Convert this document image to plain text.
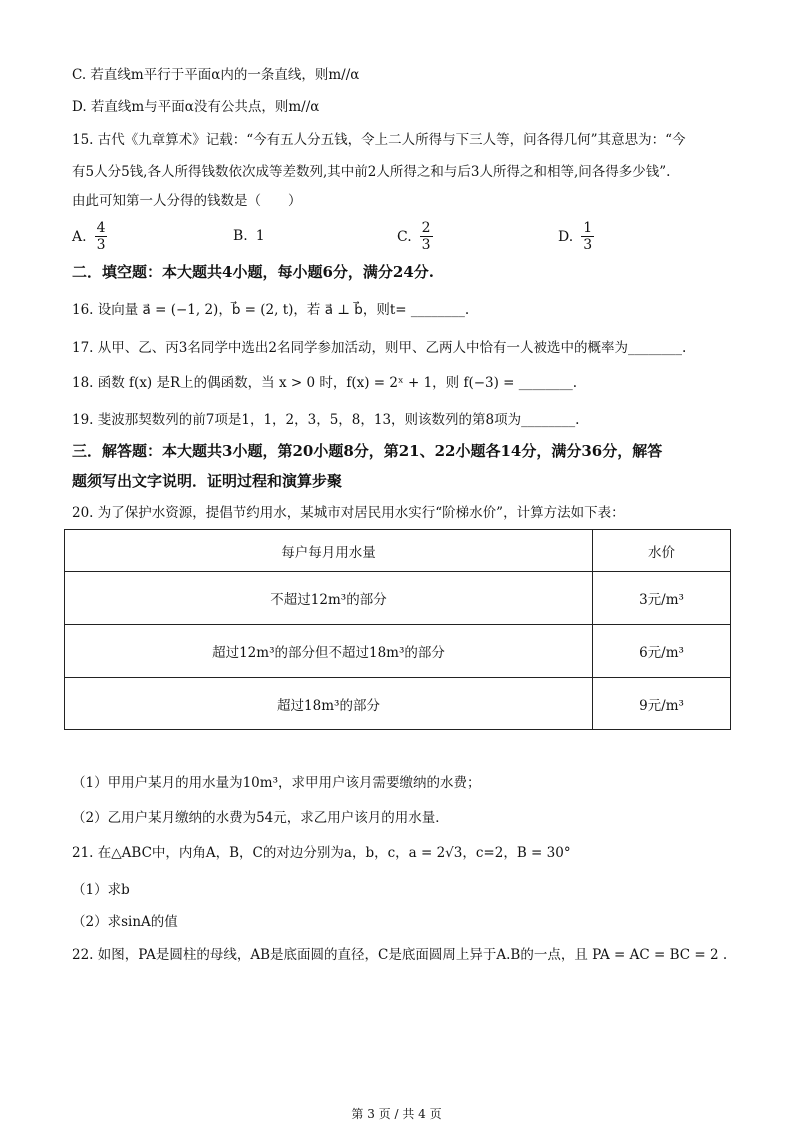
C. 若直线m平行于平面α内的一条直线，则m//α
D. 若直线m与平面α没有公共点，则m//α
15. 古代《九章算术》记载：“今有五人分五钱，令上二人所得与下三人等，问各得几何”其意思为：“今
有5人分5钱,各人所得钱数依次成等差数列,其中前2人所得之和与后3人所得之和相等,问各得多少钱”.
由此可知第一人分得的钱数是（　　）
A. $\frac{4}{3}$	B. 1	C. $\frac{2}{3}$	D. $\frac{1}{3}$
二．填空题：本大题共4小题，每小题6分，满分24分.
16. 设向量 a⃗ = (−1, 2)，b⃗ = (2, t)，若 a⃗ ⊥ b⃗，则t= ________.
17. 从甲、乙、丙3名同学中选出2名同学参加活动，则甲、乙两人中恰有一人被选中的概率为________.
18. 函数 f(x) 是R上的偶函数，当 x > 0 时，f(x) = 2ˣ + 1，则 f(−3) = ________.
19. 斐波那契数列的前7项是1，1，2，3，5，8，13，则该数列的第8项为________.
三．解答题：本大题共3小题，第20小题8分，第21、22小题各14分，满分36分，解答
题须写出文字说明．证明过程和演算步聚
20. 为了保护水资源，提倡节约用水，某城市对居民用水实行“阶梯水价”，计算方法如下表：
每户每月用水量	水价
不超过12m³的部分	3元/m³
超过12m³的部分但不超过18m³的部分	6元/m³
超过18m³的部分	9元/m³
（1）甲用户某月的用水量为10m³，求甲用户该月需要缴纳的水费；
（2）乙用户某月缴纳的水费为54元，求乙用户该月的用水量．
21. 在△ABC中，内角A，B，C的对边分别为a，b，c，a = 2√3，c=2，B = 30°
（1）求b
（2）求sinA的值
22. 如图，PA是圆柱的母线，AB是底面圆的直径，C是底面圆周上异于A.B的一点，且 PA = AC = BC = 2 .
第 3 页 / 共 4 页
